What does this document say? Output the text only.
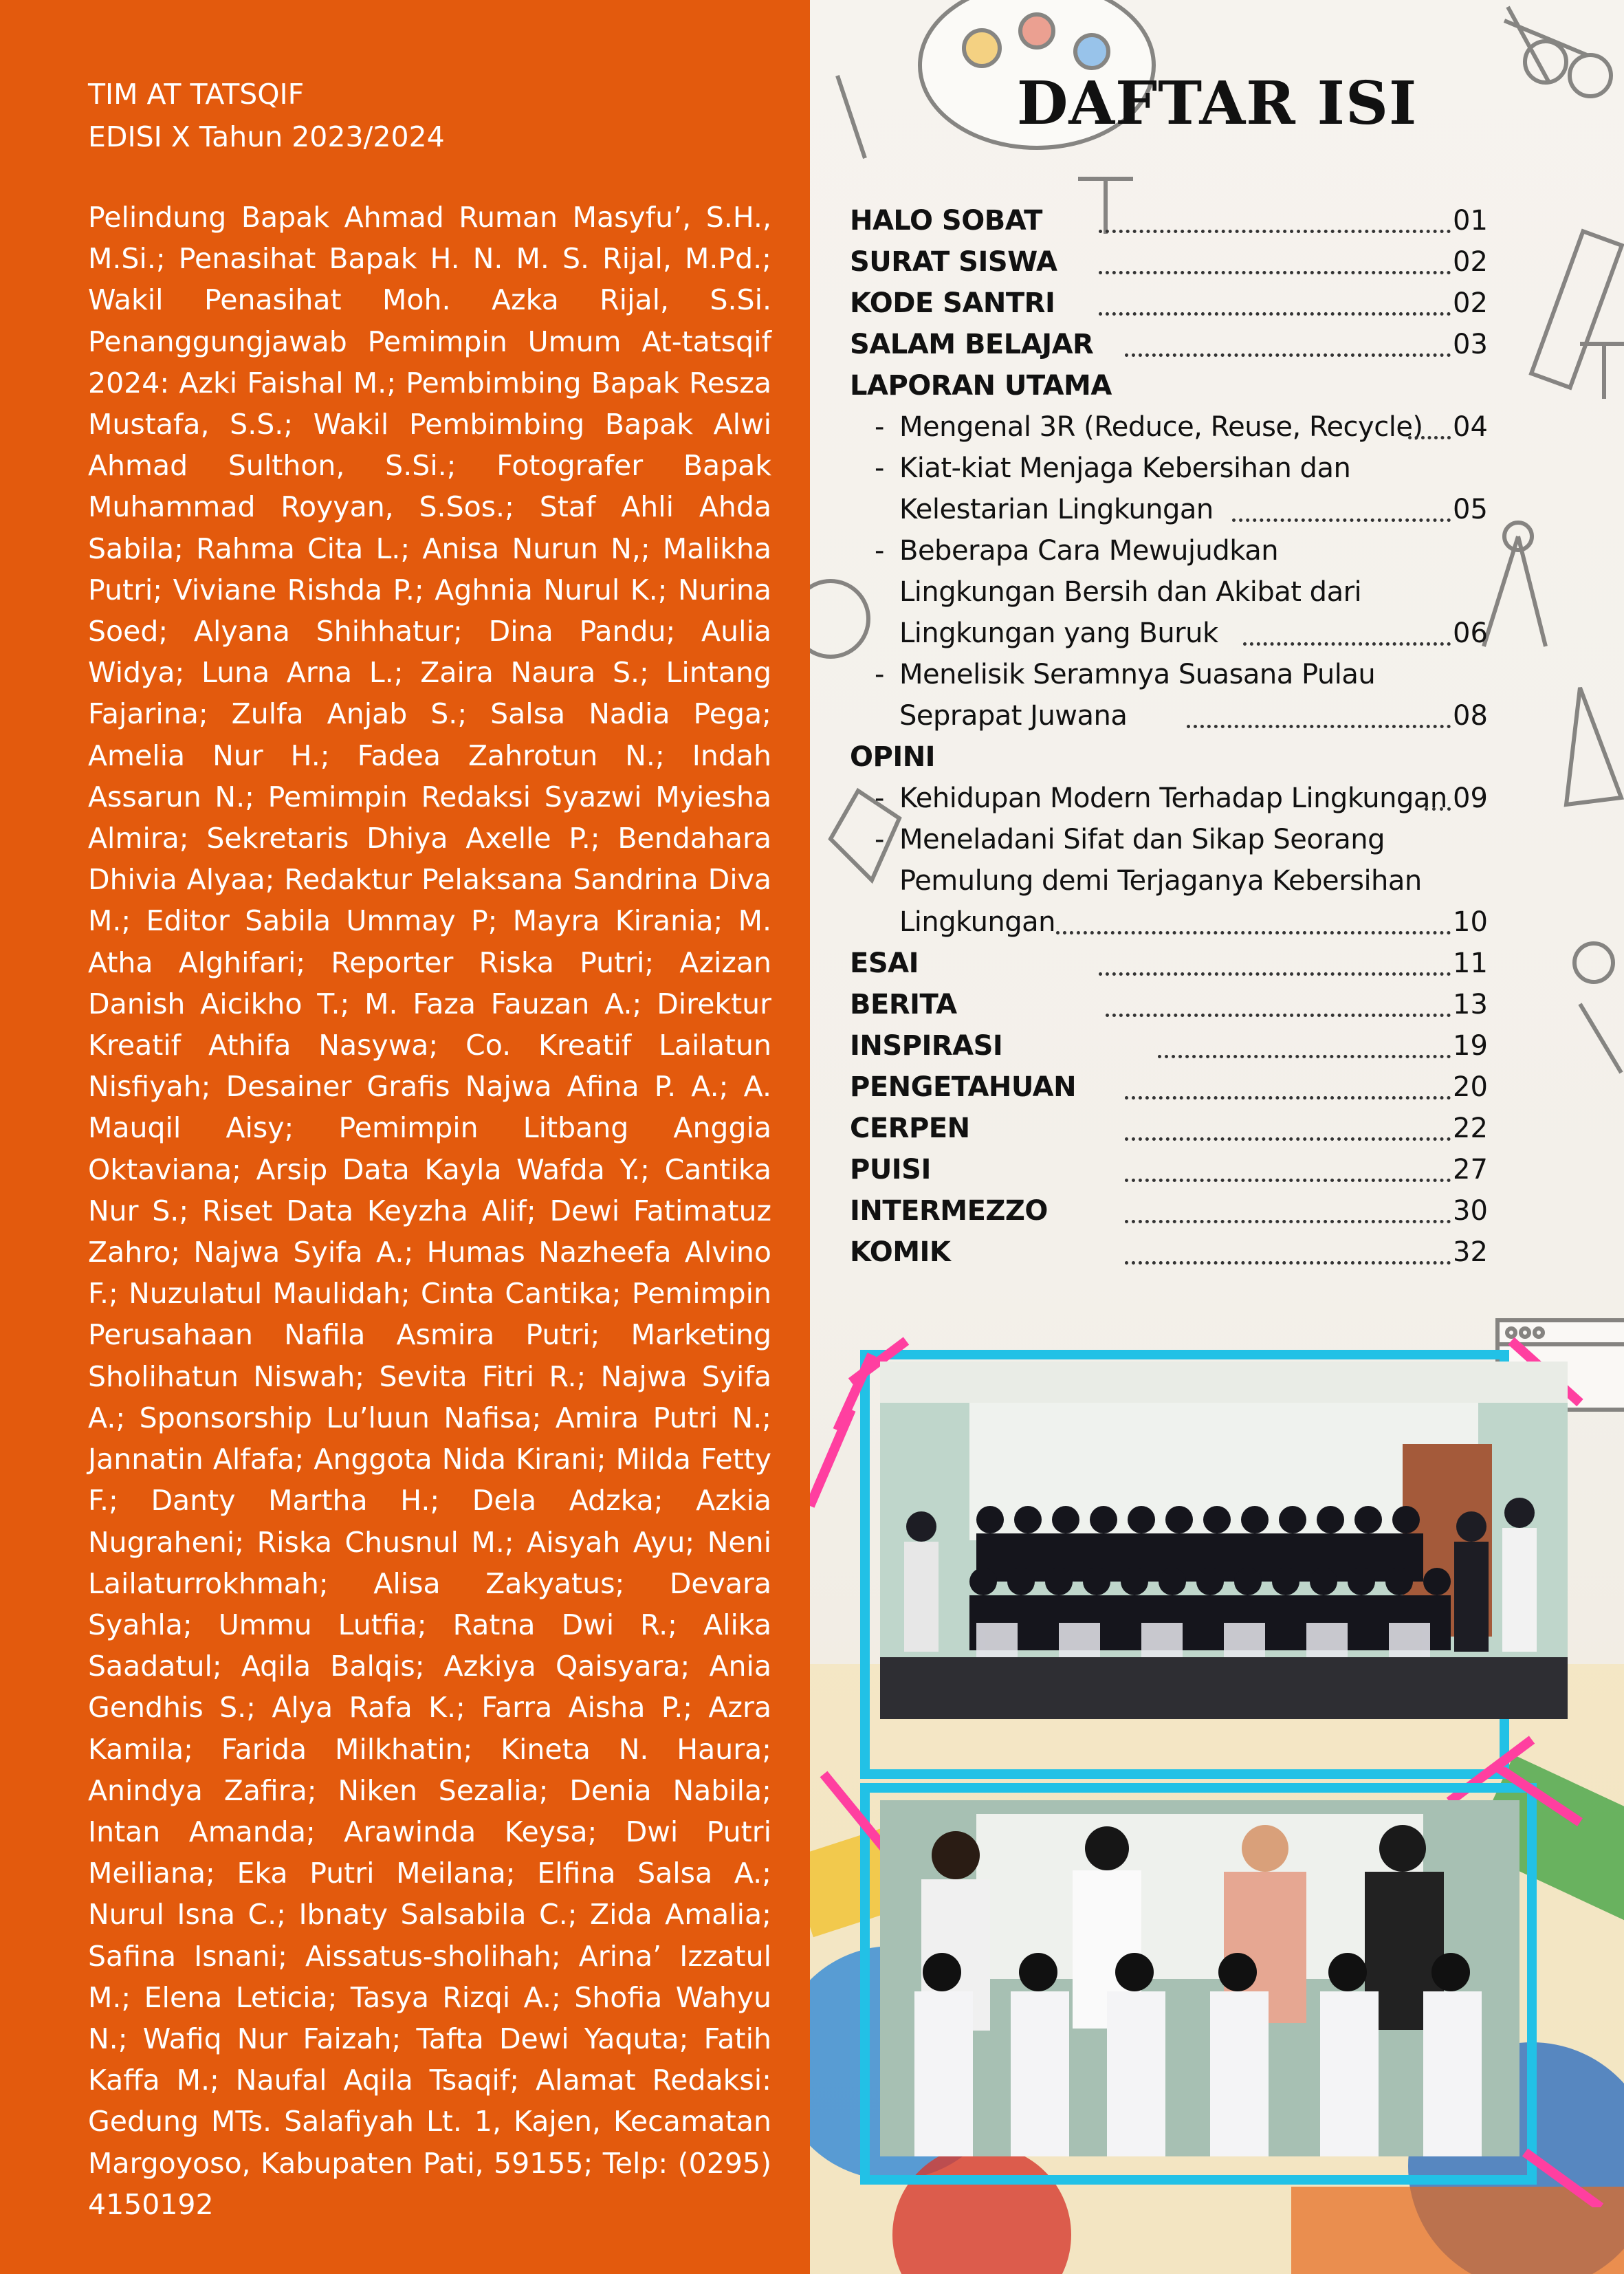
TIM AT TATSQIF
EDISI X Tahun 2023/2024

Pelindung Bapak Ahmad Ruman Masyfu’, S.H., M.Si.; Penasihat Bapak H. N. M. S. Rijal, M.Pd.; Wakil Penasihat Moh. Azka Rijal, S.Si. Penanggungjawab Pemimpin Umum At-tatsqif 2024: Azki Faishal M.; Pembimbing Bapak Resza Mustafa, S.S.; Wakil Pembimbing Bapak Alwi Ahmad Sulthon, S.Si.; Fotografer Bapak Muhammad Royyan, S.Sos.; Staf Ahli Ahda Sabila; Rahma Cita L.; Anisa Nurun N,; Malikha Putri; Viviane Rishda P.; Aghnia Nurul K.; Nurina Soed; Alyana Shihhatur; Dina Pandu; Aulia Widya; Luna Arna L.; Zaira Naura S.; Lintang Fajarina; Zulfa Anjab S.; Salsa Nadia Pega; Amelia Nur H.; Fadea Zahrotun N.; Indah Assarun N.; Pemimpin Redaksi Syazwi Myiesha Almira; Sekretaris Dhiya Axelle P.; Bendahara Dhivia Alyaa; Redaktur Pelaksana Sandrina Diva M.; Editor Sabila Ummay P; Mayra Kirania; M. Atha Alghifari; Reporter Riska Putri; Azizan Danish Aicikho T.; M. Faza Fauzan A.; Direktur Kreatif Athifa Nasywa; Co. Kreatif Lailatun Nisfiyah; Desainer Grafis Najwa Afina P. A.; A. Mauqil Aisy; Pemimpin Litbang Anggia Oktaviana; Arsip Data Kayla Wafda Y.; Cantika Nur S.; Riset Data Keyzha Alif; Dewi Fatimatuz Zahro; Najwa Syifa A.; Humas Nazheefa Alvino F.; Nuzulatul Maulidah; Cinta Cantika; Pemimpin Perusahaan Nafila Asmira Putri; Marketing Sholihatun Niswah; Sevita Fitri R.; Najwa Syifa A.; Sponsorship Lu’luun Nafisa; Amira Putri N.; Jannatin Alfafa; Anggota Nida Kirani; Milda Fetty F.; Danty Martha H.; Dela Adzka; Azkia Nugraheni; Riska Chusnul M.; Aisyah Ayu; Neni Lailaturrokhmah; Alisa Zakyatus; Devara Syahla; Ummu Lutfia; Ratna Dwi R.; Alika Saadatul; Aqila Balqis; Azkiya Qaisyara; Ania Gendhis S.; Alya Rafa K.; Farra Aisha P.; Azra Kamila; Farida Milkhatin; Kineta N. Haura; Anindya Zafira; Niken Sezalia; Denia Nabila; Intan Amanda; Arawinda Keysa; Dwi Putri Meiliana; Eka Putri Meilana; Elfina Salsa A.; Nurul Isna C.; Ibnaty Salsabila C.; Zida Amalia; Safina Isnani; Aissatus-sholihah; Arina’ Izzatul M.; Elena Leticia; Tasya Rizqi A.; Shofia Wahyu N.; Wafiq Nur Faizah; Tafta Dewi Yaquta; Fatih Kaffa M.; Naufal Aqila Tsaqif; Alamat Redaksi: Gedung MTs. Salafiyah Lt. 1, Kajen, Kecamatan Margoyoso, Kabupaten Pati, 59155; Telp: (0295) 4150192

DAFTAR ISI
HALO SOBAT	01
SURAT SISWA	02
KODE SANTRI	02
SALAM BELAJAR	03
LAPORAN UTAMA
- Mengenal 3R (Reduce, Reuse, Recycle) 04
- Kiat-kiat Menjaga Kebersihan dan
Kelestarian Lingkungan	05
- Beberapa Cara Mewujudkan
Lingkungan Bersih dan Akibat dari
Lingkungan yang Buruk	06
- Menelisik Seramnya Suasana Pulau
Seprapat Juwana	08
OPINI
- Kehidupan Modern Terhadap Lingkungan 09
- Meneladani Sifat dan Sikap Seorang
Pemulung demi Terjaganya Kebersihan
Lingkungan	10
ESAI	11
BERITA	13
INSPIRASI	19
PENGETAHUAN	20
CERPEN	22
PUISI	27
INTERMEZZO	30
KOMIK	32
